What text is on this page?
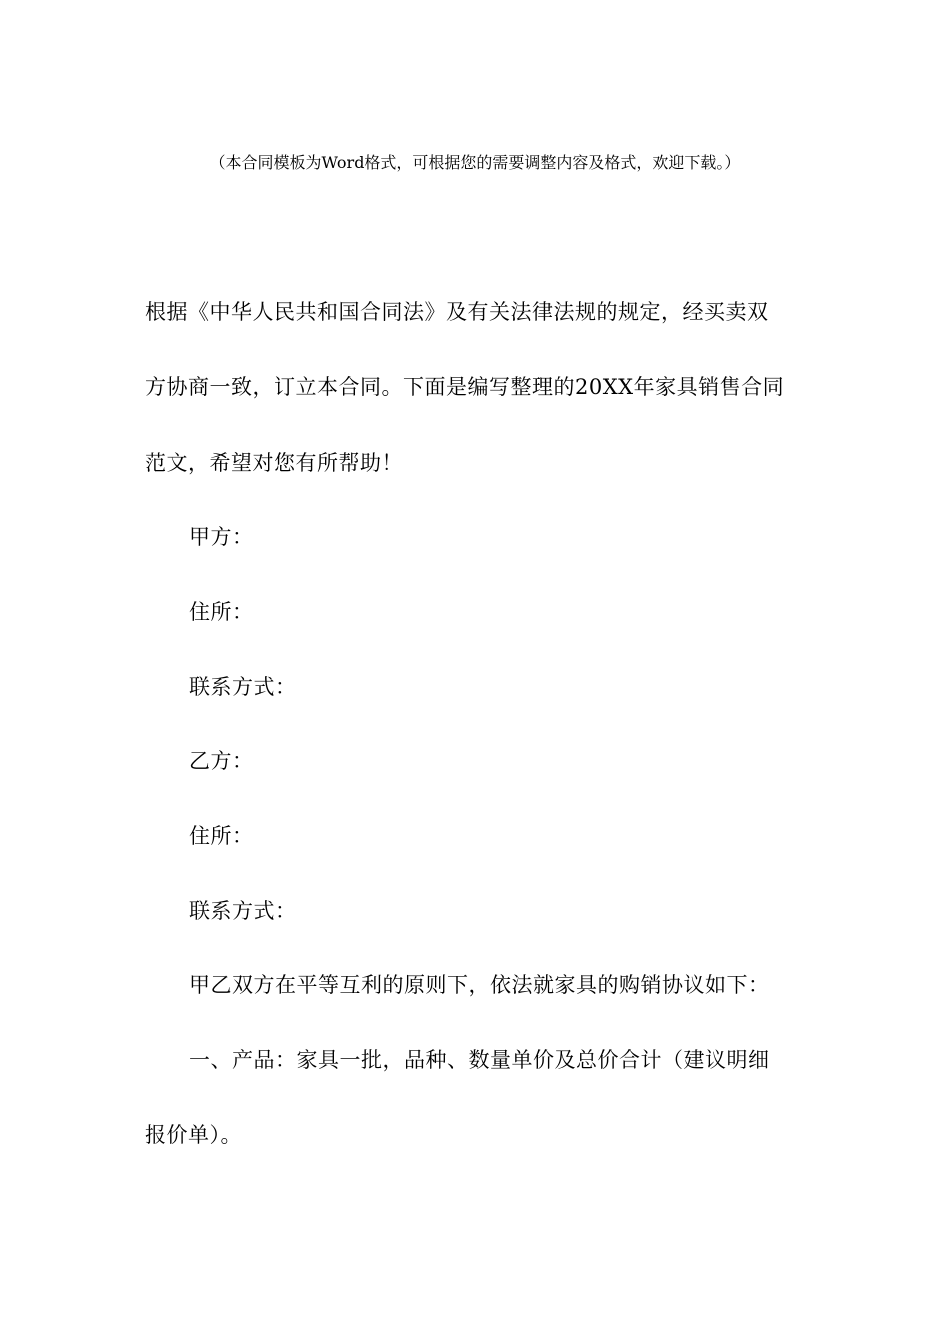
（本合同模板为Word格式，可根据您的需要调整内容及格式，欢迎下载。）
根据《中华人民共和国合同法》及有关法律法规的规定，经买卖双
方协商一致，订立本合同。下面是编写整理的20XX年家具销售合同
范文，希望对您有所帮助！
甲方：
住所：
联系方式：
乙方：
住所：
联系方式：
甲乙双方在平等互利的原则下，依法就家具的购销协议如下：
一、产品：家具一批，品种、数量单价及总价合计（建议明细
报价单）。
